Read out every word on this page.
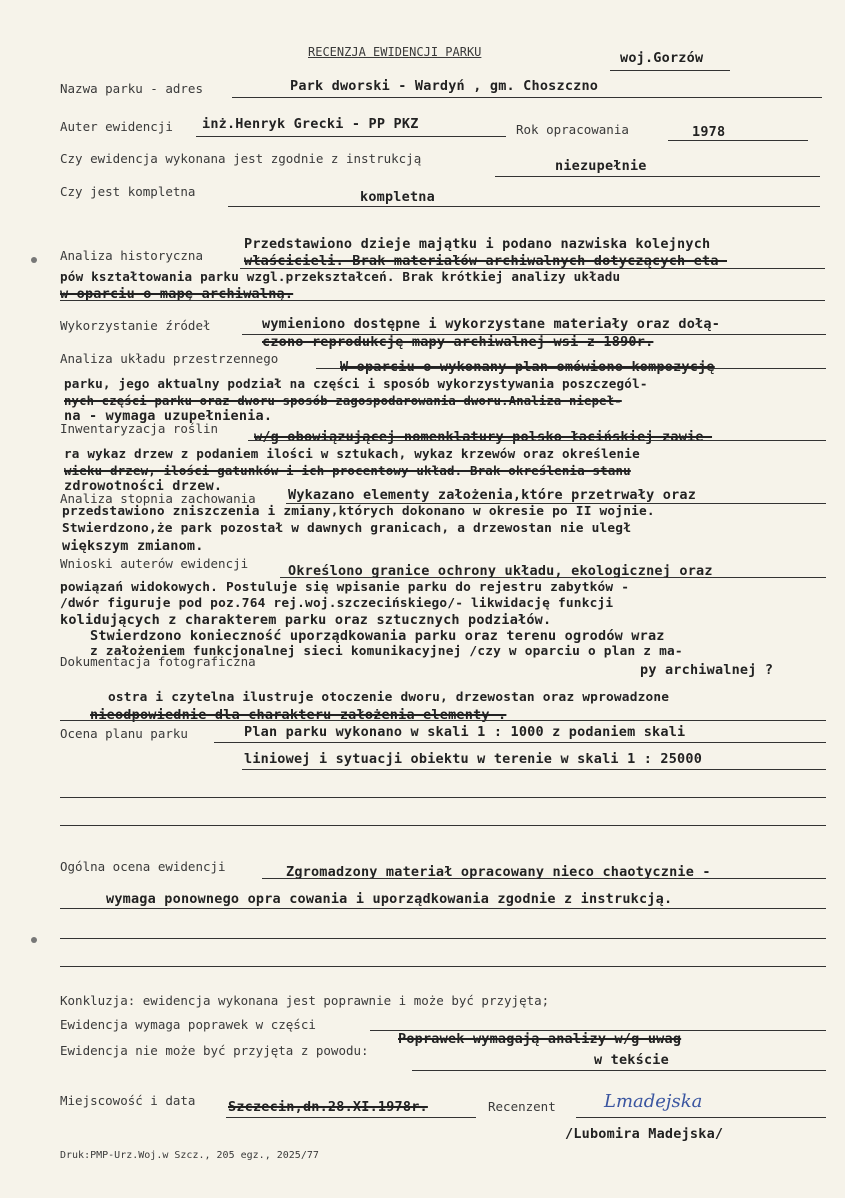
RECENZJA EWIDENCJI PARKU	woj.Gorzów
Nazwa parku - adres	Park dworski - Wardyń , gm. Choszczno
Auter ewidencji inż.Henryk Grecki - PP PKZ	Rok opracowania	1978
Czy ewidencja wykonana jest zgodnie z instrukcją	niezupełnie
Czy jest kompletna	kompletna
Analiza historyczna
Przedstawiono dzieje majątku i podano nazwiska kolejnych
właścicieli. Brak materiałów archiwalnych dotyczących eta-
pów kształtowania parku wzgl.przekształceń. Brak krótkiej analizy układu
w oparciu o mapę archiwalną.
Wykorzystanie źródeł	wymieniono dostępne i wykorzystane materiały oraz dołą-
czono reprodukcję mapy archiwalnej wsi z 1890r.
Analiza układu przestrzennego
W oparciu o wykonany plan omówiono kompozycję
parku, jego aktualny podział na części i sposób wykorzystywania poszczegól-
nych części parku oraz dworu sposób zagospodarowania dworu.Analiza niepeł-
na - wymaga uzupełnienia.
Inwentaryzacja roślin
w/g obowiązującej nomenklatury polsko-łacińskiej zawie-
ra wykaz drzew z podaniem ilości w sztukach, wykaz krzewów oraz określenie
wieku drzew, ilości gatunków i ich procentowy układ. Brak określenia stanu
zdrowotności drzew.
Analiza stopnia zachowania Wykazano elementy założenia,które przetrwały oraz
przedstawiono zniszczenia i zmiany,których dokonano w okresie po II wojnie.
Stwierdzono,że park pozostał w dawnych granicach, a drzewostan nie uległ
większym zmianom.
Wnioski auterów ewidencji	Określono granice ochrony układu, ekologicznej oraz
powiązań widokowych. Postuluje się wpisanie parku do rejestru zabytków -
/dwór figuruje pod poz.764 rej.woj.szczecińskiego/- likwidację funkcji
kolidujących z charakterem parku oraz sztucznych podziałów.
Stwierdzono konieczność uporządkowania parku oraz terenu ogrodów wraz
z założeniem funkcjonalnej sieci komunikacyjnej /czy w oparciu o plan z ma-
py archiwalnej ?
Dokumentacja fotograficzna
ostra i czytelna ilustruje otoczenie dworu, drzewostan oraz wprowadzone
nieodpowiednie dla charakteru założenia elementy .
Ocena planu parku	Plan parku wykonano w skali 1 : 1000 z podaniem skali
liniowej i sytuacji obiektu w terenie w skali 1 : 25000
Ogólna ocena ewidencji	Zgromadzony materiał opracowany nieco chaotycznie -
wymaga ponownego opra cowania i uporządkowania zgodnie z instrukcją.
Konkluzja: ewidencja wykonana jest poprawnie i może być przyjęta;
Ewidencja wymaga poprawek w części
Poprawek wymagają analizy w/g uwag
Ewidencja nie może być przyjęta z powodu:
w tekście
Miejscowość i data Szczecin,dn.28.XI.1978r.	Recenzent	Lmadejska
/Lubomira Madejska/
Druk:PMP-Urz.Woj.w Szcz., 205 egz., 2025/77
